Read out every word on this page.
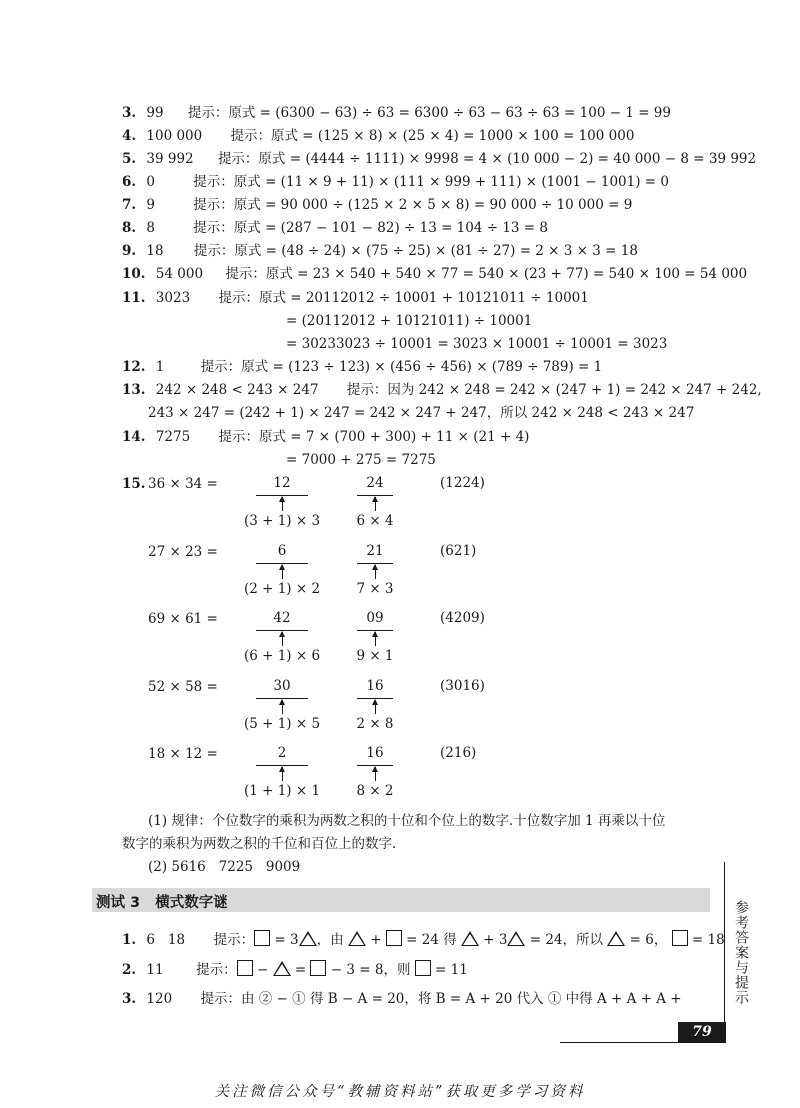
3. 99 提示：原式 = (6300 − 63) ÷ 63 = 6300 ÷ 63 − 63 ÷ 63 = 100 − 1 = 99
4. 100 000 提示：原式 = (125 × 8) × (25 × 4) = 1000 × 100 = 100 000
5. 39 992 提示：原式 = (4444 ÷ 1111) × 9998 = 4 × (10 000 − 2) = 40 000 − 8 = 39 992
6. 0	提示：原式 = (11 × 9 + 11) × (111 × 999 + 111) × (1001 − 1001) = 0
7. 9	提示：原式 = 90 000 ÷ (125 × 2 × 5 × 8) = 90 000 ÷ 10 000 = 9
8. 8	提示：原式 = (287 − 101 − 82) ÷ 13 = 104 ÷ 13 = 8
9. 18 提示：原式 = (48 ÷ 24) × (75 ÷ 25) × (81 ÷ 27) = 2 × 3 × 3 = 18
10. 54 000 提示：原式 = 23 × 540 + 540 × 77 = 540 × (23 + 77) = 540 × 100 = 54 000
11. 3023 提示：原式 = 20112012 ÷ 10001 + 10121011 ÷ 10001
= (20112012 + 10121011) ÷ 10001
= 30233023 ÷ 10001 = 3023 × 10001 ÷ 10001 = 3023
12. 1	提示：原式 = (123 ÷ 123) × (456 ÷ 456) × (789 ÷ 789) = 1
13. 242 × 248 < 243 × 247 提示：因为 242 × 248 = 242 × (247 + 1) = 242 × 247 + 242,
243 × 247 = (242 + 1) × 247 = 242 × 247 + 247，所以 242 × 248 < 243 × 247
14. 7275 提示：原式 = 7 × (700 + 300) + 11 × (21 + 4)
= 7000 + 275 = 7275
15. 36 × 34 =	12
(3 + 1) × 3
24
6 × 4
(1224)
27 × 23 =	6
(2 + 1) × 2
21
7 × 3
(621)
69 × 61 =	42
(6 + 1) × 6
09
9 × 1
(4209)
52 × 58 =	30
(5 + 1) × 5
16
2 × 8
(3016)
18 × 12 =	2
(1 + 1) × 1
16
8 × 2
(216)
(1) 规律：个位数字的乘积为两数之积的十位和个位上的数字.十位数字加 1 再乘以十位
数字的乘积为两数之积的千位和百位上的数字.
(2) 5616   7225   9009
测试 3   横式数字谜
1. 6   18 提示： = 3 ，由  +  = 24 得  + 3 = 24，所以  = 6，  = 18
2. 11 提示： −  =  − 3 = 8，则  = 11
3. 120 提示：由 ② − ① 得 B − A = 20，将 B = A + 20 代入 ① 中得 A + A + A +	参考答案与提示
79
关注微信公众号“教辅资料站”获取更多学习资料
